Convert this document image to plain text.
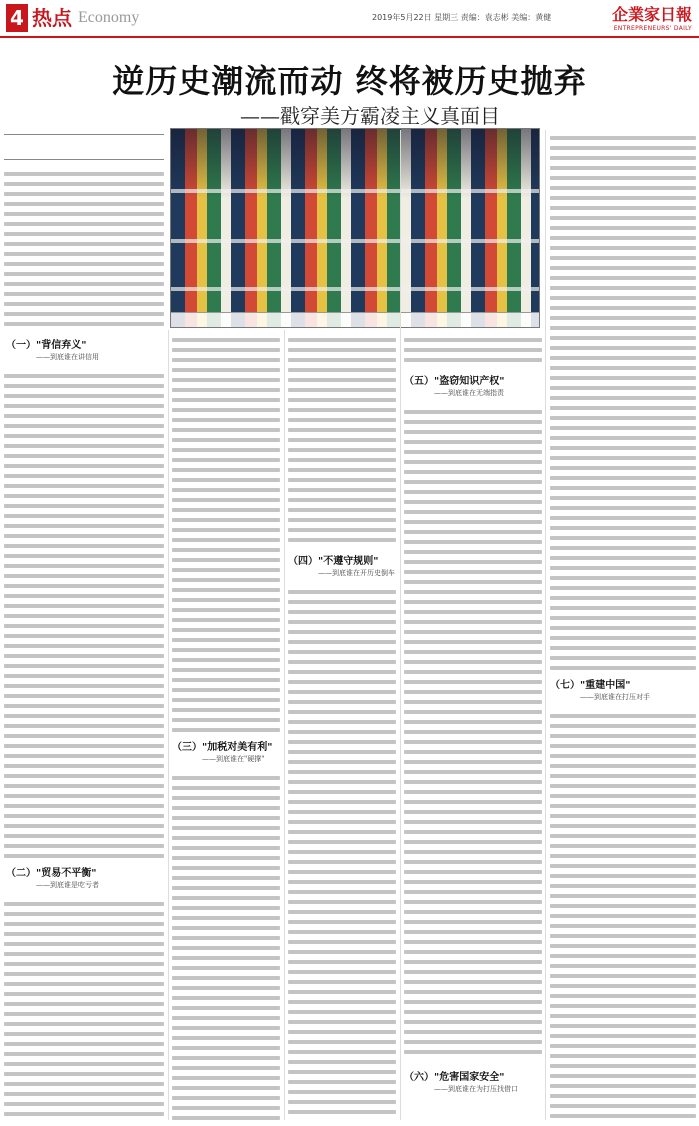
4 热点 Economy	2019年5月22日 星期三 责编：袁志彬 美编：黄健	企業家日報
ENTREPRENEURS' DAILY
逆历史潮流而动 终将被历史抛弃
——戳穿美方霸凌主义真面目
（一）"背信弃义"
——到底谁在讲信用
（二）"贸易不平衡"
——到底谁是吃亏者
（三）"加税对美有利"
——到底谁在"硬撑"
（四）"不遵守规则"
——到底谁在开历史倒车
（五）"盗窃知识产权"
——到底谁在无端指责
（六）"危害国家安全"
——到底谁在为打压找借口
（七）"重建中国"
——到底谁在打压对手
